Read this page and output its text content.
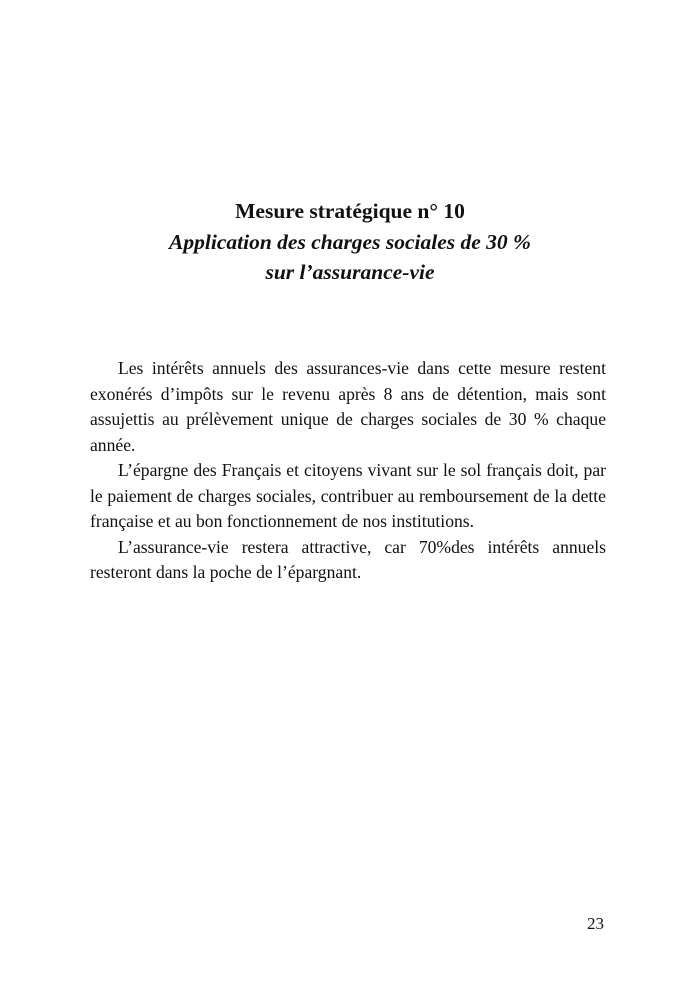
Mesure stratégique n° 10

Application des charges sociales de 30 %

sur l’assurance-vie

Les intérêts annuels des assurances-vie dans cette mesure restent exonérés d’impôts sur le revenu après 8 ans de détention, mais sont assujettis au prélèvement unique de charges sociales de 30 % chaque année.

L’épargne des Français et citoyens vivant sur le sol français doit, par le paiement de charges sociales, contribuer au remboursement de la dette française et au bon fonctionnement de nos institutions.

L’assurance-vie restera attractive, car 70%des intérêts annuels resteront dans la poche de l’épargnant.

23
